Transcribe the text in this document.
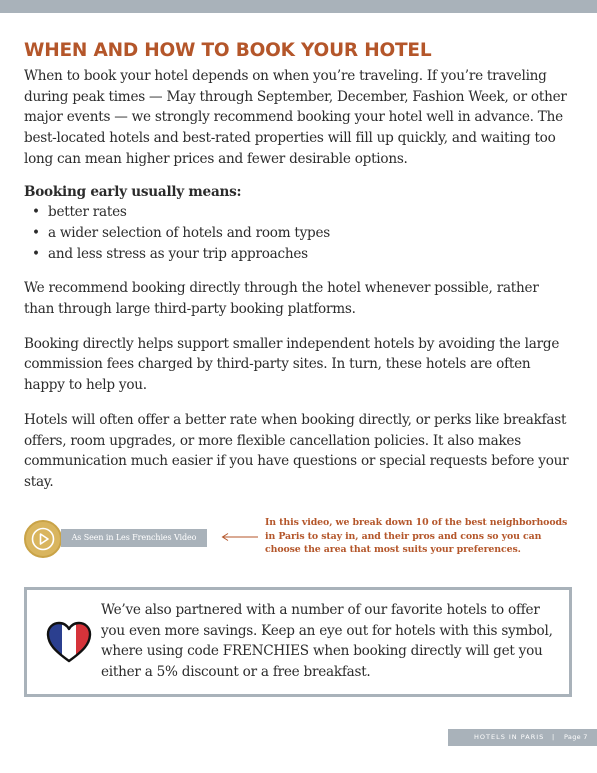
WHEN AND HOW TO BOOK YOUR HOTEL

When to book your hotel depends on when you’re traveling. If you’re traveling during peak times — May through September, December, Fashion Week, or other major events — we strongly recommend booking your hotel well in advance. The best-located hotels and best-rated properties will fill up quickly, and waiting too long can mean higher prices and fewer desirable options.

Booking early usually means:

• better rates
• a wider selection of hotels and room types
• and less stress as your trip approaches

We recommend booking directly through the hotel whenever possible, rather than through large third-party booking platforms.

Booking directly helps support smaller independent hotels by avoiding the large commission fees charged by third-party sites. In turn, these hotels are often happy to help you.

Hotels will often offer a better rate when booking directly, or perks like breakfast offers, room upgrades, or more flexible cancellation policies. It also makes communication much easier if you have questions or special requests before your stay.

As Seen in Les Frenchies Video
In this video, we break down 10 of the best neighborhoods in Paris to stay in, and their pros and cons so you can choose the area that most suits your preferences.
We’ve also partnered with a number of our favorite hotels to offer you even more savings. Keep an eye out for hotels with this symbol, where using code FRENCHIES when booking directly will get you either a 5% discount or a free breakfast.
HOTELS IN PARIS | Page 7
